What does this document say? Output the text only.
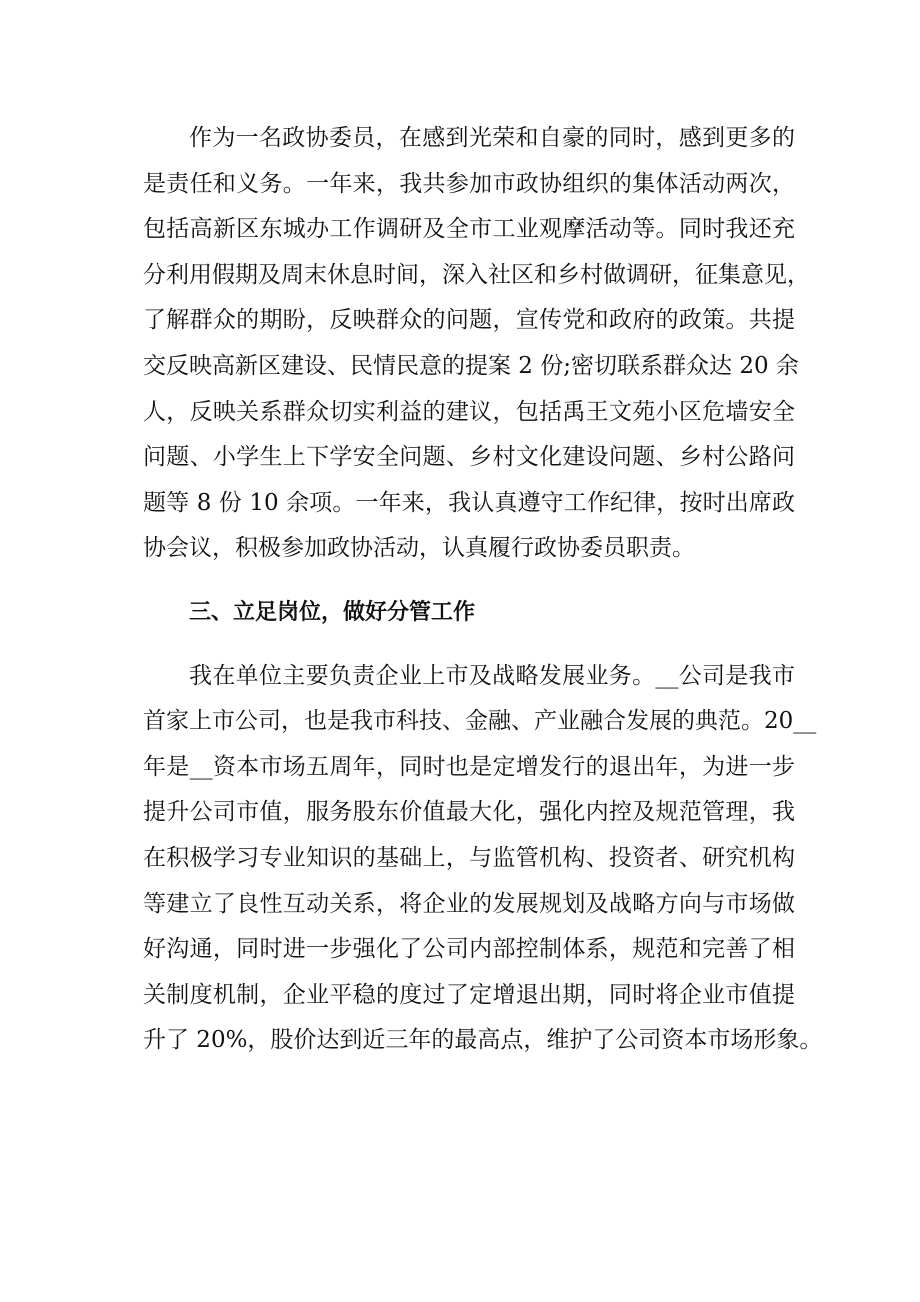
作为一名政协委员，在感到光荣和自豪的同时，感到更多的
是责任和义务。一年来，我共参加市政协组织的集体活动两次，
包括高新区东城办工作调研及全市工业观摩活动等。同时我还充
分利用假期及周末休息时间，深入社区和乡村做调研，征集意见，
了解群众的期盼，反映群众的问题，宣传党和政府的政策。共提
交反映高新区建设、民情民意的提案 2 份;密切联系群众达 20 余
人，反映关系群众切实利益的建议，包括禹王文苑小区危墙安全
问题、小学生上下学安全问题、乡村文化建设问题、乡村公路问
题等 8 份 10 余项。一年来，我认真遵守工作纪律，按时出席政
协会议，积极参加政协活动，认真履行政协委员职责。
三、立足岗位，做好分管工作
我在单位主要负责企业上市及战略发展业务。__公司是我市
首家上市公司，也是我市科技、金融、产业融合发展的典范。20__
年是__资本市场五周年，同时也是定增发行的退出年，为进一步
提升公司市值，服务股东价值最大化，强化内控及规范管理，我
在积极学习专业知识的基础上，与监管机构、投资者、研究机构
等建立了良性互动关系，将企业的发展规划及战略方向与市场做
好沟通，同时进一步强化了公司内部控制体系，规范和完善了相
关制度机制，企业平稳的度过了定增退出期，同时将企业市值提
升了 20%，股价达到近三年的最高点，维护了公司资本市场形象。
